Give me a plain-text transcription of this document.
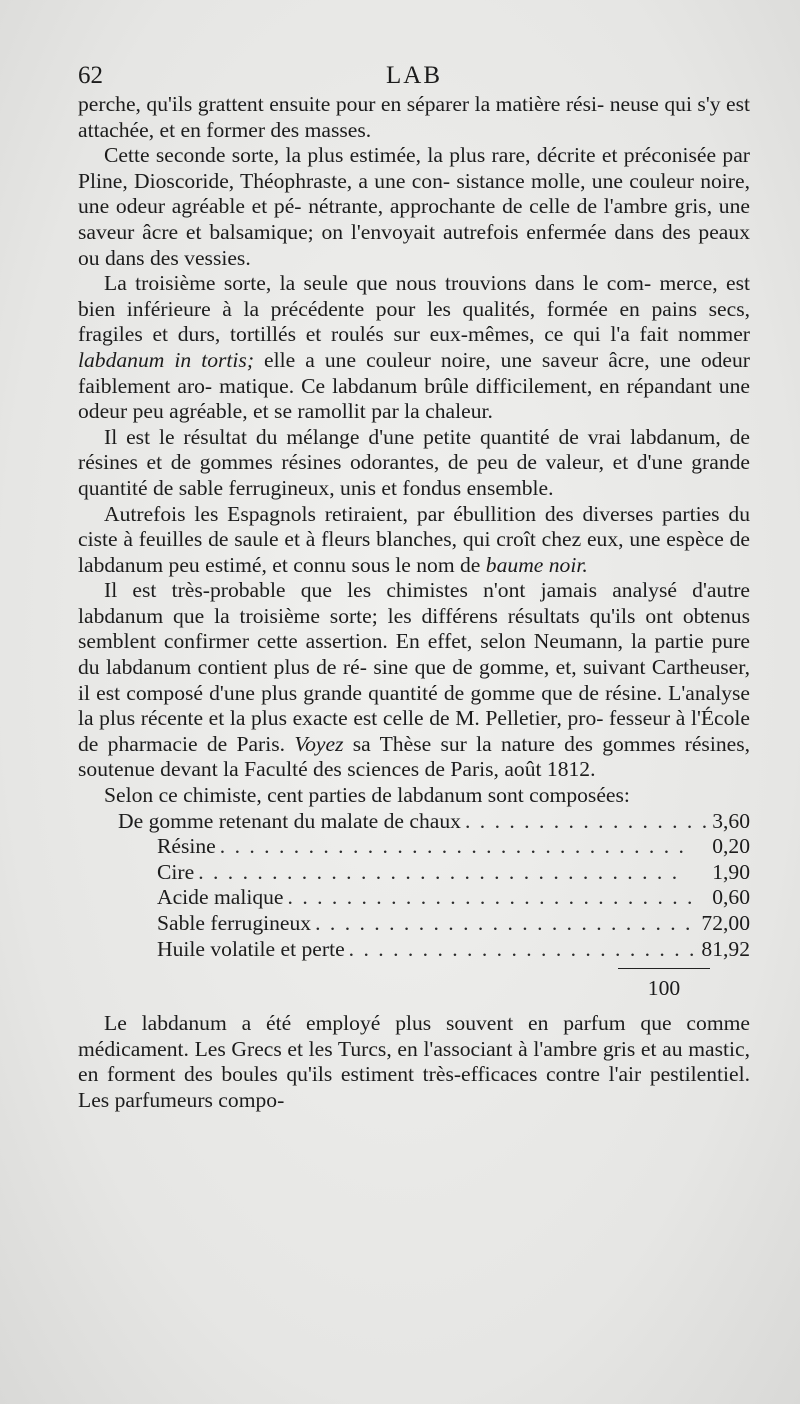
62	LAB

perche, qu'ils grattent ensuite pour en séparer la matière rési- neuse qui s'y est attachée, et en former des masses.

Cette seconde sorte, la plus estimée, la plus rare, décrite et préconisée par Pline, Dioscoride, Théophraste, a une con- sistance molle, une couleur noire, une odeur agréable et pé- nétrante, approchante de celle de l'ambre gris, une saveur âcre et balsamique; on l'envoyait autrefois enfermée dans des peaux ou dans des vessies.

La troisième sorte, la seule que nous trouvions dans le com- merce, est bien inférieure à la précédente pour les qualités, formée en pains secs, fragiles et durs, tortillés et roulés sur eux-mêmes, ce qui l'a fait nommer labdanum in tortis; elle a une couleur noire, une saveur âcre, une odeur faiblement aro- matique. Ce labdanum brûle difficilement, en répandant une odeur peu agréable, et se ramollit par la chaleur.

Il est le résultat du mélange d'une petite quantité de vrai labdanum, de résines et de gommes résines odorantes, de peu de valeur, et d'une grande quantité de sable ferrugineux, unis et fondus ensemble.

Autrefois les Espagnols retiraient, par ébullition des diverses parties du ciste à feuilles de saule et à fleurs blanches, qui croît chez eux, une espèce de labdanum peu estimé, et connu sous le nom de baume noir.

Il est très-probable que les chimistes n'ont jamais analysé d'autre labdanum que la troisième sorte; les différens résultats qu'ils ont obtenus semblent confirmer cette assertion. En effet, selon Neumann, la partie pure du labdanum contient plus de ré- sine que de gomme, et, suivant Cartheuser, il est composé d'une plus grande quantité de gomme que de résine. L'analyse la plus récente et la plus exacte est celle de M. Pelletier, pro- fesseur à l'École de pharmacie de Paris. Voyez sa Thèse sur la nature des gommes résines, soutenue devant la Faculté des sciences de Paris, août 1812.

Selon ce chimiste, cent parties de labdanum sont composées:

De gomme retenant du malate de chaux . . .	3,60
Résine . . .	0,20
Cire . . .	1,90
Acide malique . . .	0,60
Sable ferrugineux . . .	72,00
Huile volatile et perte . . .	81,92
100

Le labdanum a été employé plus souvent en parfum que comme médicament. Les Grecs et les Turcs, en l'associant à l'ambre gris et au mastic, en forment des boules qu'ils estiment très-efficaces contre l'air pestilentiel. Les parfumeurs compo-
